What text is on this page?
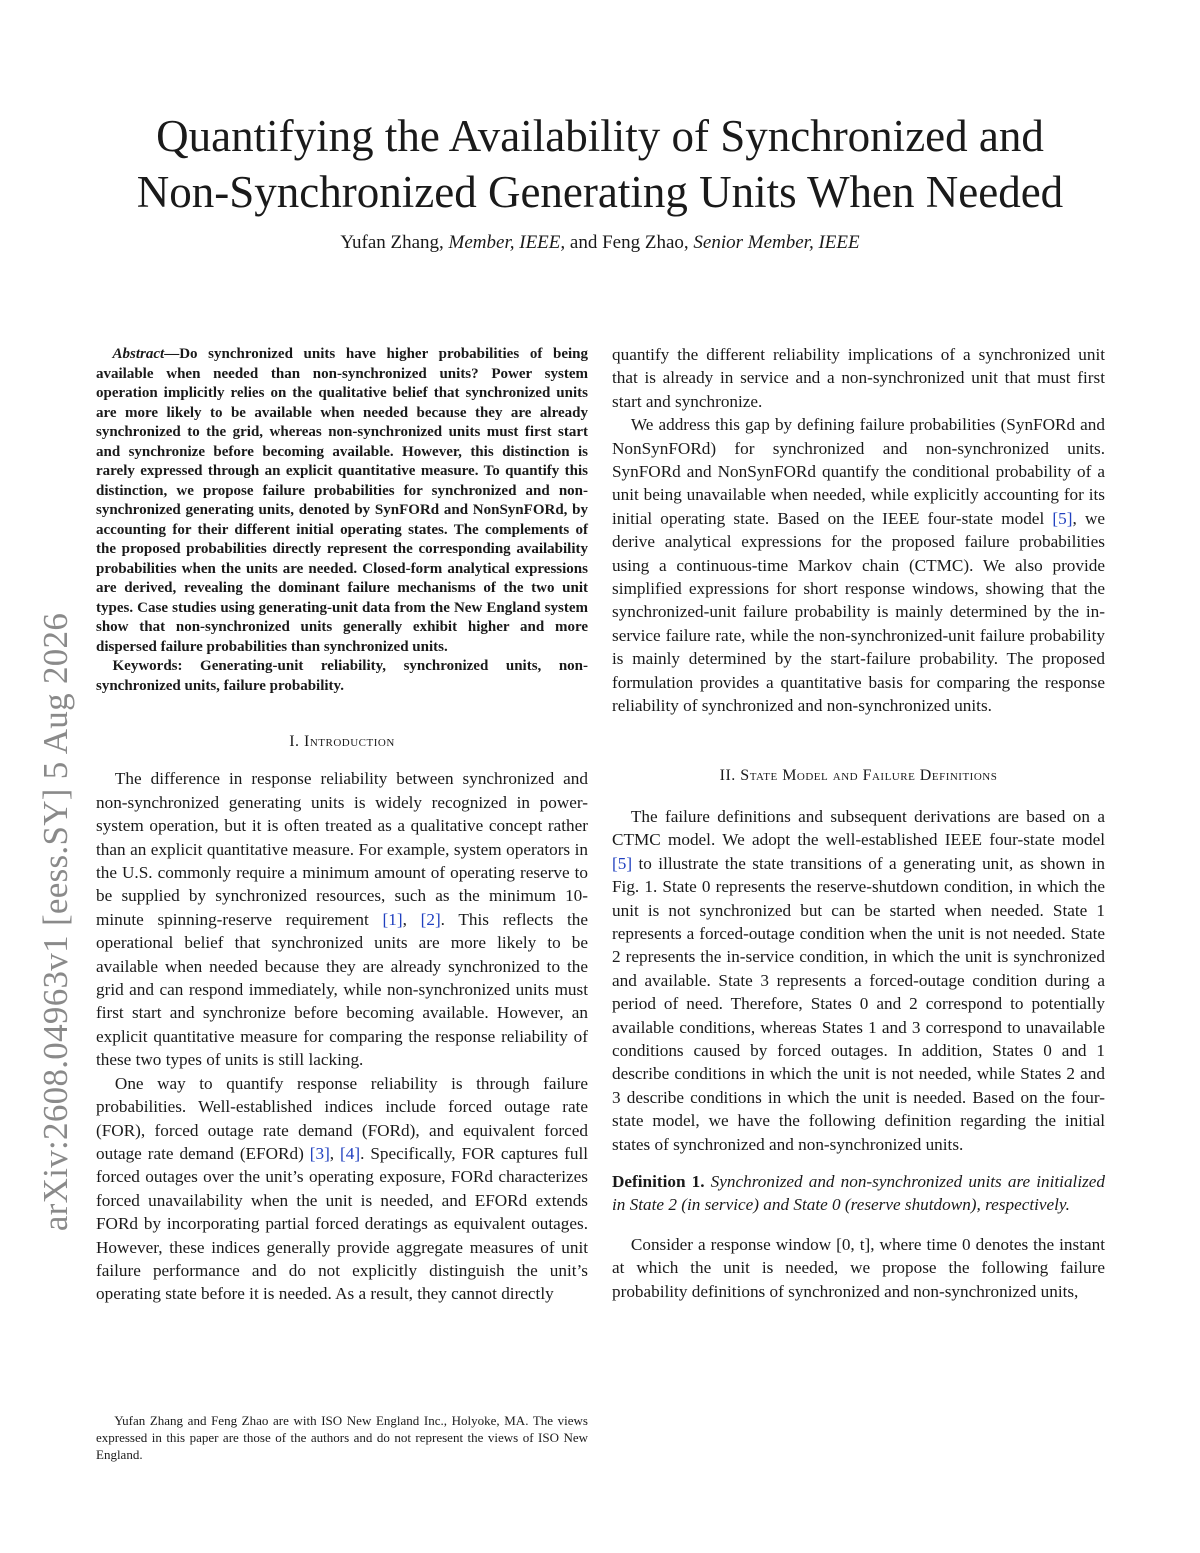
arXiv:2608.04963v1 [eess.SY] 5 Aug 2026
Quantifying the Availability of Synchronized and
Non-Synchronized Generating Units When Needed
Yufan Zhang, Member, IEEE, and Feng Zhao, Senior Member, IEEE

Abstract—Do synchronized units have higher probabilities of being available when needed than non-synchronized units? Power system operation implicitly relies on the qualitative belief that synchronized units are more likely to be available when needed because they are already synchronized to the grid, whereas non-synchronized units must first start and synchronize before becoming available. However, this distinction is rarely expressed through an explicit quantitative measure. To quantify this distinction, we propose failure probabilities for synchronized and non-synchronized generating units, denoted by SynFORd and NonSynFORd, by accounting for their different initial operating states. The complements of the proposed probabilities directly represent the corresponding availability probabilities when the units are needed. Closed-form analytical expressions are derived, revealing the dominant failure mechanisms of the two unit types. Case studies using generating-unit data from the New England system show that non-synchronized units generally exhibit higher and more dispersed failure probabilities than synchronized units.

Keywords: Generating-unit reliability, synchronized units, non-synchronized units, failure probability.

I. Introduction

The difference in response reliability between synchronized and non-synchronized generating units is widely recognized in power-system operation, but it is often treated as a qualitative concept rather than an explicit quantitative measure. For example, system operators in the U.S. commonly require a minimum amount of operating reserve to be supplied by synchronized resources, such as the minimum 10-minute spinning-reserve requirement [1], [2]. This reflects the operational belief that synchronized units are more likely to be available when needed because they are already synchronized to the grid and can respond immediately, while non-synchronized units must first start and synchronize before becoming available. However, an explicit quantitative measure for comparing the response reliability of these two types of units is still lacking.

One way to quantify response reliability is through failure probabilities. Well-established indices include forced outage rate (FOR), forced outage rate demand (FORd), and equivalent forced outage rate demand (EFORd) [3], [4]. Specifically, FOR captures full forced outages over the unit’s operating exposure, FORd characterizes forced unavailability when the unit is needed, and EFORd extends FORd by incorporating partial forced deratings as equivalent outages. However, these indices generally provide aggregate measures of unit failure performance and do not explicitly distinguish the unit’s operating state before it is needed. As a result, they cannot directly

quantify the different reliability implications of a synchronized unit that is already in service and a non-synchronized unit that must first start and synchronize.

We address this gap by defining failure probabilities (SynFORd and NonSynFORd) for synchronized and non-synchronized units. SynFORd and NonSynFORd quantify the conditional probability of a unit being unavailable when needed, while explicitly accounting for its initial operating state. Based on the IEEE four-state model [5], we derive analytical expressions for the proposed failure probabilities using a continuous-time Markov chain (CTMC). We also provide simplified expressions for short response windows, showing that the synchronized-unit failure probability is mainly determined by the in-service failure rate, while the non-synchronized-unit failure probability is mainly determined by the start-failure probability. The proposed formulation provides a quantitative basis for comparing the response reliability of synchronized and non-synchronized units.

II. State Model and Failure Definitions

The failure definitions and subsequent derivations are based on a CTMC model. We adopt the well-established IEEE four-state model [5] to illustrate the state transitions of a generating unit, as shown in Fig. 1. State 0 represents the reserve-shutdown condition, in which the unit is not synchronized but can be started when needed. State 1 represents a forced-outage condition when the unit is not needed. State 2 represents the in-service condition, in which the unit is synchronized and available. State 3 represents a forced-outage condition during a period of need. Therefore, States 0 and 2 correspond to potentially available conditions, whereas States 1 and 3 correspond to unavailable conditions caused by forced outages. In addition, States 0 and 1 describe conditions in which the unit is not needed, while States 2 and 3 describe conditions in which the unit is needed. Based on the four-state model, we have the following definition regarding the initial states of synchronized and non-synchronized units.

Definition 1. Synchronized and non-synchronized units are initialized in State 2 (in service) and State 0 (reserve shutdown), respectively.

Consider a response window [0, t], where time 0 denotes the instant at which the unit is needed, we propose the following failure probability definitions of synchronized and non-synchronized units,

Yufan Zhang and Feng Zhao are with ISO New England Inc., Holyoke, MA. The views expressed in this paper are those of the authors and do not represent the views of ISO New England.
